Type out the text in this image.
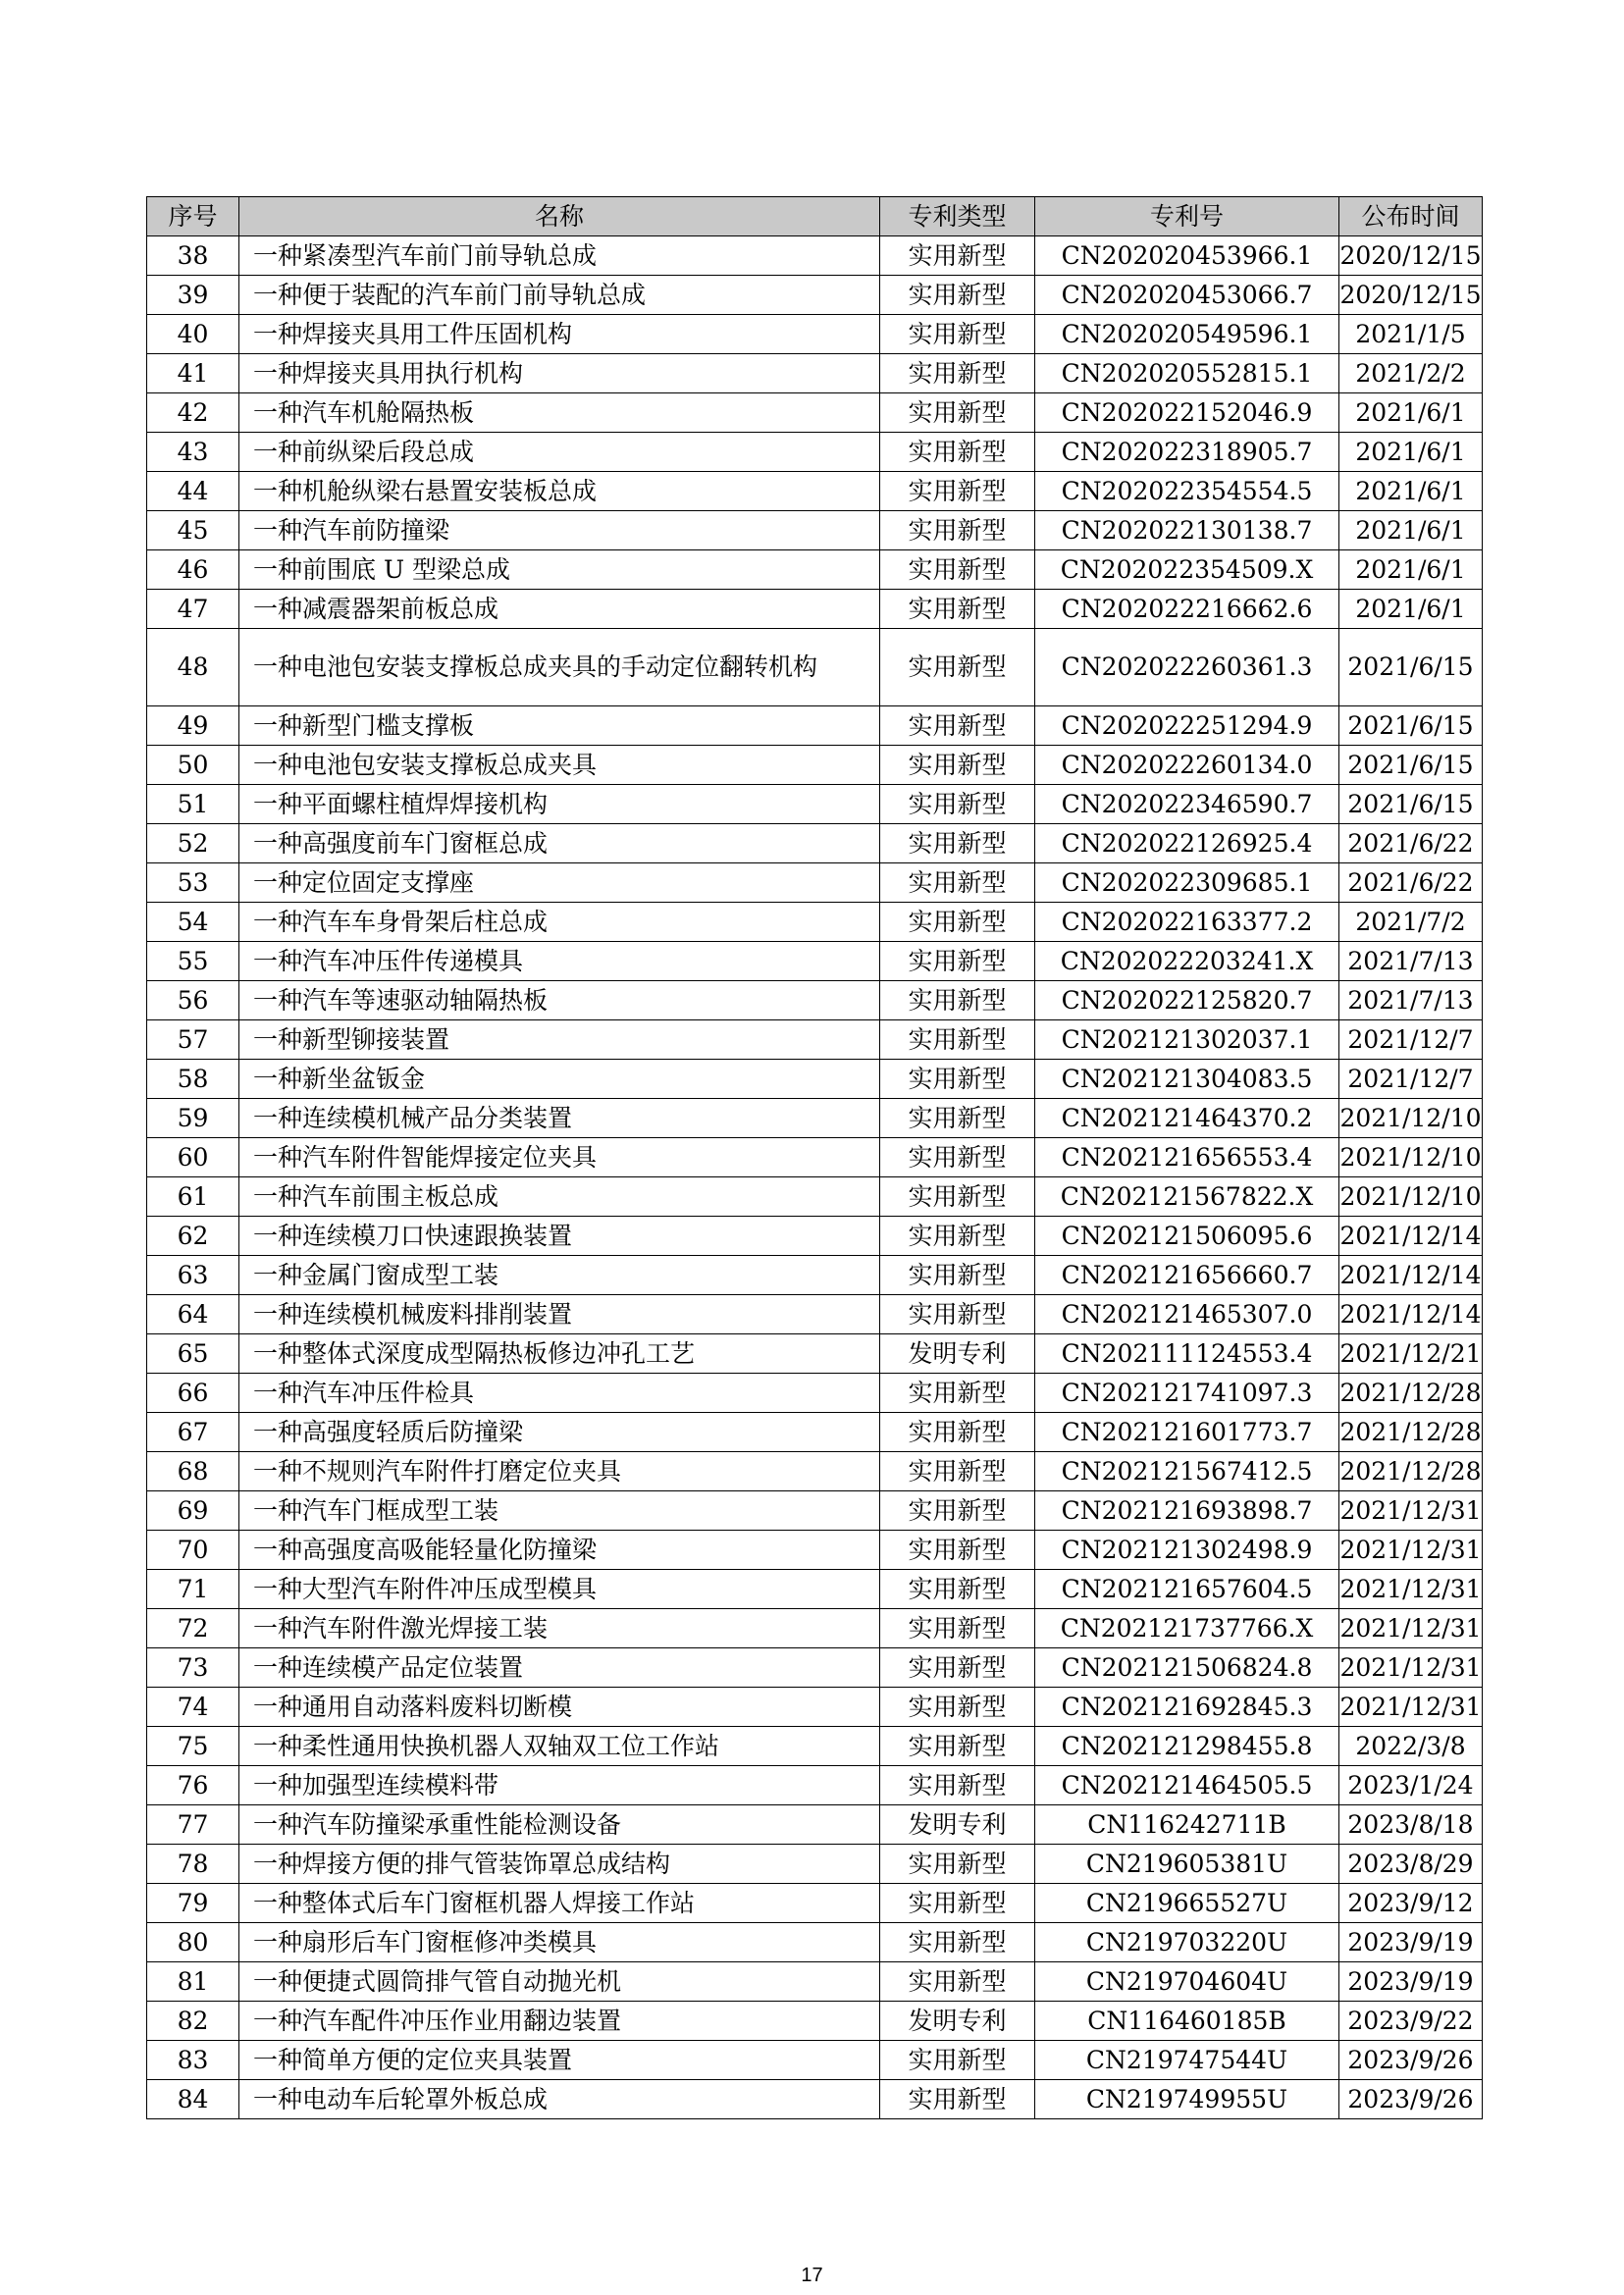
序号	名称	专利类型	专利号	公布时间
38	一种紧凑型汽车前门前导轨总成	实用新型	CN202020453966.1	2020/12/15
39	一种便于装配的汽车前门前导轨总成	实用新型	CN202020453066.7	2020/12/15
40	一种焊接夹具用工件压固机构	实用新型	CN202020549596.1	2021/1/5
41	一种焊接夹具用执行机构	实用新型	CN202020552815.1	2021/2/2
42	一种汽车机舱隔热板	实用新型	CN202022152046.9	2021/6/1
43	一种前纵梁后段总成	实用新型	CN202022318905.7	2021/6/1
44	一种机舱纵梁右悬置安装板总成	实用新型	CN202022354554.5	2021/6/1
45	一种汽车前防撞梁	实用新型	CN202022130138.7	2021/6/1
46	一种前围底 U 型梁总成	实用新型	CN202022354509.X	2021/6/1
47	一种减震器架前板总成	实用新型	CN202022216662.6	2021/6/1
48	一种电池包安装支撑板总成夹具的手动定位翻转机构	实用新型	CN202022260361.3	2021/6/15
49	一种新型门槛支撑板	实用新型	CN202022251294.9	2021/6/15
50	一种电池包安装支撑板总成夹具	实用新型	CN202022260134.0	2021/6/15
51	一种平面螺柱植焊焊接机构	实用新型	CN202022346590.7	2021/6/15
52	一种高强度前车门窗框总成	实用新型	CN202022126925.4	2021/6/22
53	一种定位固定支撑座	实用新型	CN202022309685.1	2021/6/22
54	一种汽车车身骨架后柱总成	实用新型	CN202022163377.2	2021/7/2
55	一种汽车冲压件传递模具	实用新型	CN202022203241.X	2021/7/13
56	一种汽车等速驱动轴隔热板	实用新型	CN202022125820.7	2021/7/13
57	一种新型铆接装置	实用新型	CN202121302037.1	2021/12/7
58	一种新坐盆钣金	实用新型	CN202121304083.5	2021/12/7
59	一种连续模机械产品分类装置	实用新型	CN202121464370.2	2021/12/10
60	一种汽车附件智能焊接定位夹具	实用新型	CN202121656553.4	2021/12/10
61	一种汽车前围主板总成	实用新型	CN202121567822.X	2021/12/10
62	一种连续模刀口快速跟换装置	实用新型	CN202121506095.6	2021/12/14
63	一种金属门窗成型工装	实用新型	CN202121656660.7	2021/12/14
64	一种连续模机械废料排削装置	实用新型	CN202121465307.0	2021/12/14
65	一种整体式深度成型隔热板修边冲孔工艺	发明专利	CN202111124553.4	2021/12/21
66	一种汽车冲压件检具	实用新型	CN202121741097.3	2021/12/28
67	一种高强度轻质后防撞梁	实用新型	CN202121601773.7	2021/12/28
68	一种不规则汽车附件打磨定位夹具	实用新型	CN202121567412.5	2021/12/28
69	一种汽车门框成型工装	实用新型	CN202121693898.7	2021/12/31
70	一种高强度高吸能轻量化防撞梁	实用新型	CN202121302498.9	2021/12/31
71	一种大型汽车附件冲压成型模具	实用新型	CN202121657604.5	2021/12/31
72	一种汽车附件激光焊接工装	实用新型	CN202121737766.X	2021/12/31
73	一种连续模产品定位装置	实用新型	CN202121506824.8	2021/12/31
74	一种通用自动落料废料切断模	实用新型	CN202121692845.3	2021/12/31
75	一种柔性通用快换机器人双轴双工位工作站	实用新型	CN202121298455.8	2022/3/8
76	一种加强型连续模料带	实用新型	CN202121464505.5	2023/1/24
77	一种汽车防撞梁承重性能检测设备	发明专利	CN116242711B	2023/8/18
78	一种焊接方便的排气管装饰罩总成结构	实用新型	CN219605381U	2023/8/29
79	一种整体式后车门窗框机器人焊接工作站	实用新型	CN219665527U	2023/9/12
80	一种扇形后车门窗框修冲类模具	实用新型	CN219703220U	2023/9/19
81	一种便捷式圆筒排气管自动抛光机	实用新型	CN219704604U	2023/9/19
82	一种汽车配件冲压作业用翻边装置	发明专利	CN116460185B	2023/9/22
83	一种简单方便的定位夹具装置	实用新型	CN219747544U	2023/9/26
84	一种电动车后轮罩外板总成	实用新型	CN219749955U	2023/9/26
17
